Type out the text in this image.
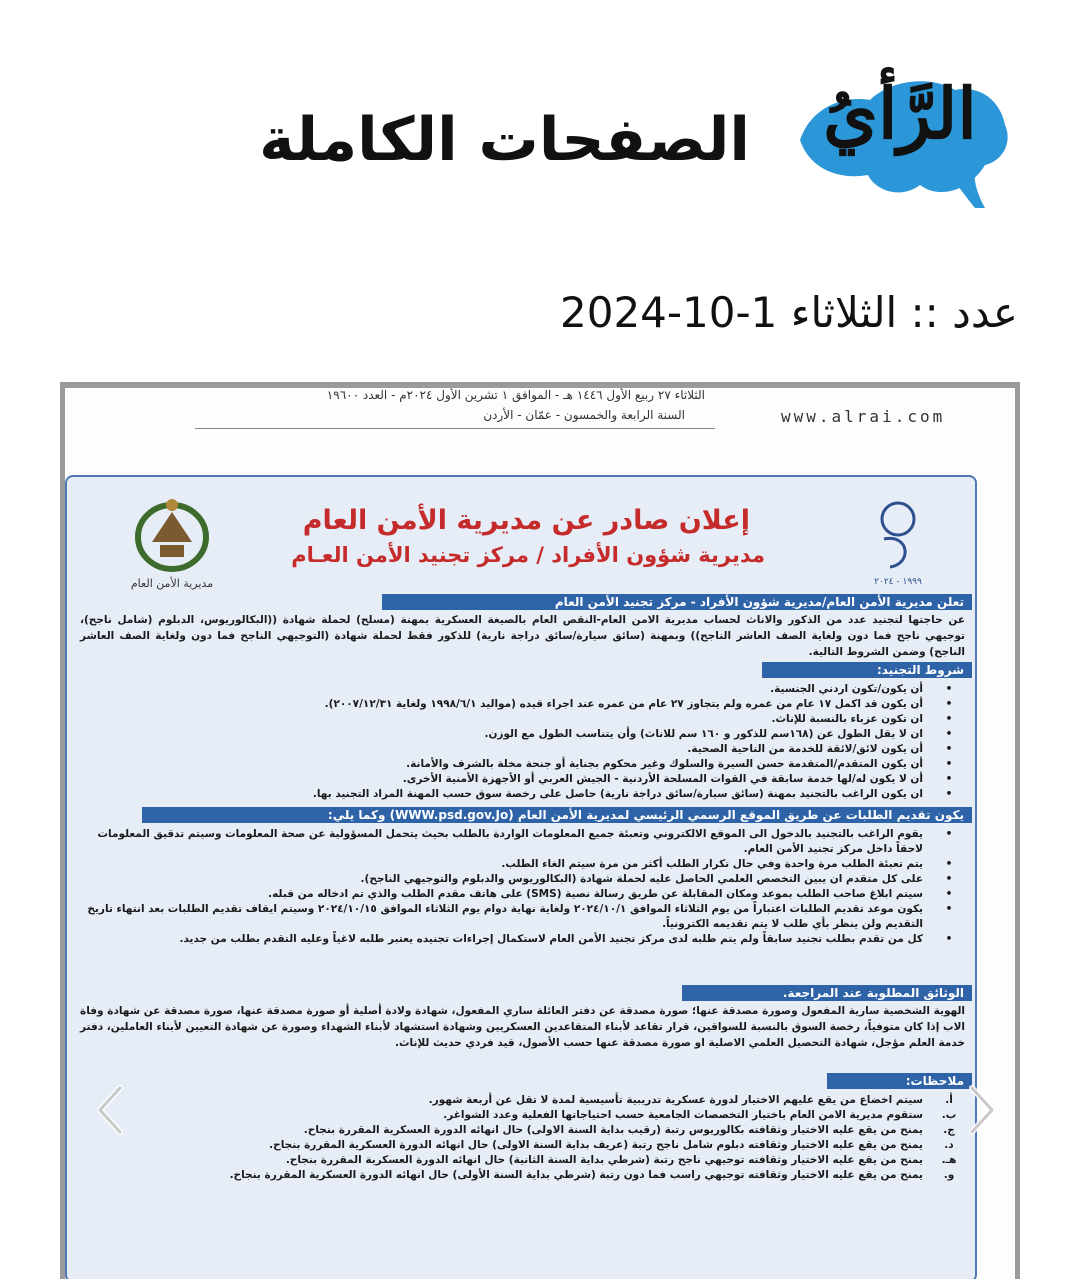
الرَّأيُ
الصفحات الكاملة
عدد :: الثلاثاء 1-10-2024
الثلاثاء ٢٧ ربيع الأول ١٤٤٦ هـ - الموافق ١ تشرين الأول ٢٠٢٤م - العدد ١٩٦٠٠
السنة الرابعة والخمسون - عمّان - الأردن	www.alrai.com
١٩٩٩ - ٢٠٢٤
مديرية الأمن العام
إعلان صادر عن مديرية الأمن العام
مديرية شؤون الأفراد / مركز تجنيد الأمن العـام
تعلن مديرية الأمن العام/مديرية شؤون الأفراد - مركز تجنيد الأمن العام
عن حاجتها لتجنيد عدد من الذكور والاناث لحساب مديرية الامن العام-النقص العام بالصيغة العسكرية بمهنة (مسلح) لحملة شهادة ((البكالوريوس، الدبلوم (شامل ناجح)، توجيهي ناجح فما دون ولغاية الصف العاشر الناجح)) وبمهنة (سائق سيارة/سائق دراجة نارية) للذكور فقط لحملة شهادة (التوجيهي الناجح فما دون ولغاية الصف العاشر الناجح) وضمن الشروط التالية.
شروط التجنيد:
•
أن يكون/تكون اردني الجنسية.
•
أن يكون قد اكمل ١٧ عام من عمره ولم يتجاوز ٢٧ عام من عمره عند اجراء قيده (مواليد ١٩٩٨/٦/١ ولغاية ٢٠٠٧/١٢/٣١).
•
ان تكون عزباء بالنسبة للإناث.
•
ان لا يقل الطول عن (١٦٨سم للذكور و ١٦٠ سم للاناث) وأن يتناسب الطول مع الوزن.
•
أن يكون لائق/لائقة للخدمة من الناحية الصحية.
•
أن يكون المتقدم/المتقدمة حسن السيرة والسلوك وغير محكوم بجناية أو جنحة مخلة بالشرف والأمانة.
•
أن لا يكون له/لها خدمة سابقة في القوات المسلحة الأردنية - الجيش العربي أو الأجهزة الأمنية الأخرى.
•
ان يكون الراغب بالتجنيد بمهنة (سائق سيارة/سائق دراجة نارية) حاصل على رخصة سوق حسب المهنة المراد التجنيد بها.
يكون تقديم الطلبات عن طريق الموقع الرسمي الرئيسي لمديرية الأمن العام (WWW.psd.gov.Jo) وكما يلي:
•
يقوم الراغب بالتجنيد بالدخول الى الموقع الالكتروني وتعبئة جميع المعلومات الواردة بالطلب بحيث يتحمل المسؤولية عن صحة المعلومات وسيتم تدقيق المعلومات لاحقاً داخل مركز تجنيد الأمن العام.
•
يتم تعبئة الطلب مرة واحدة وفي حال تكرار الطلب أكثر من مرة سيتم الغاء الطلب.
•
على كل متقدم ان يبين التخصص العلمي الحاصل عليه لحملة شهادة (البكالوريوس والدبلوم والتوجيهي الناجح).
•
سيتم ابلاغ صاحب الطلب بموعد ومكان المقابلة عن طريق رسالة نصية (SMS) على هاتف مقدم الطلب والذي تم ادخاله من قبله.
•
يكون موعد تقديم الطلبات اعتباراً من يوم الثلاثاء الموافق ٢٠٢٤/١٠/١ ولغاية نهاية دوام يوم الثلاثاء الموافق ٢٠٢٤/١٠/١٥ وسيتم ايقاف تقديم الطلبات بعد انتهاء تاريخ التقديم ولن ينظر بأي طلب لا يتم تقديمه الكترونياً.
•
كل من تقدم بطلب تجنيد سابقاً ولم يتم طلبه لدى مركز تجنيد الأمن العام لاستكمال إجراءات تجنيده يعتبر طلبه لاغياً وعليه التقدم بطلب من جديد.
الوثائق المطلوبة عند المراجعة.
الهوية الشخصية سارية المفعول وصورة مصدقة عنها؛ صورة مصدقة عن دفتر العائلة ساري المفعول، شهادة ولادة أصلية أو صورة مصدقة عنها، صورة مصدقة عن شهادة وفاة الاب إذا كان متوفياً، رخصة السوق بالنسبة للسواقين، قرار تقاعد لأبناء المتقاعدين العسكريين وشهادة استشهاد لأبناء الشهداء وصورة عن شهادة التعيين لأبناء العاملين، دفتر خدمة العلم مؤجل، شهادة التحصيل العلمي الاصلية او صورة مصدقة عنها حسب الأصول، قيد فردي حديث للإناث.
ملاحظات:
أ.
سيتم اخضاع من يقع عليهم الاختيار لدورة عسكرية تدريبية تأسيسية لمدة لا تقل عن أربعة شهور.
ب.
ستقوم مديرية الامن العام باختيار التخصصات الجامعية حسب احتياجاتها الفعلية وعدد الشواغر.
ج.
يمنح من يقع عليه الاختيار وثقافته بكالوريوس رتبة (رقيب بداية السنة الاولى) حال انهائه الدورة العسكرية المقررة بنجاح.
د.
يمنح من يقع عليه الاختيار وثقافته دبلوم شامل ناجح رتبة (عريف بداية السنة الاولى) حال انهائه الدورة العسكرية المقررة بنجاح.
هـ.
يمنح من يقع عليه الاختيار وثقافته توجيهي ناجح رتبة (شرطي بداية السنة الثانية) حال انهائه الدورة العسكرية المقررة بنجاح.
و.
يمنح من يقع عليه الاختيار وثقافته توجيهي راسب فما دون رتبة (شرطي بداية السنة الأولى) حال انهائه الدورة العسكرية المقررة بنجاح.
